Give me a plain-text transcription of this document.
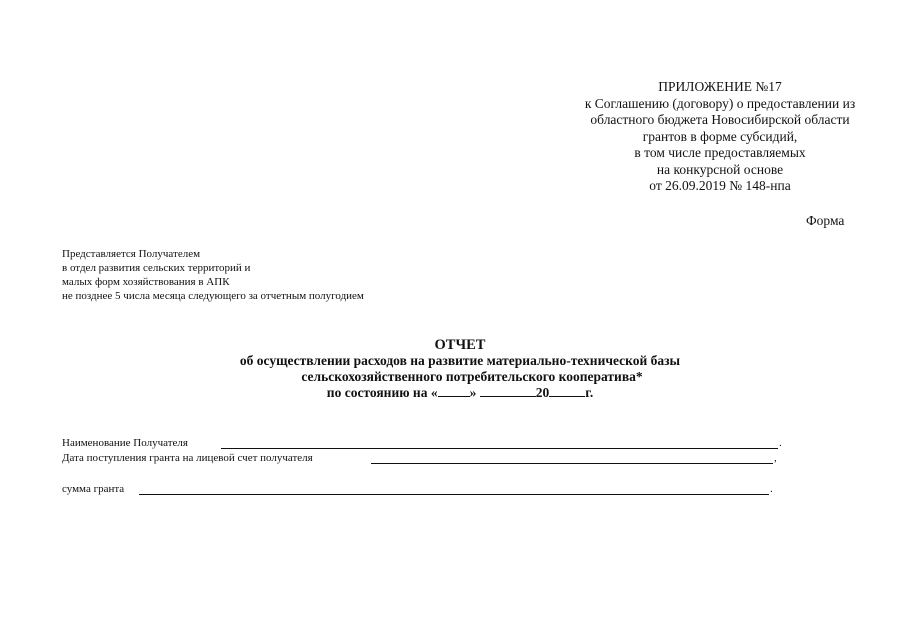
ПРИЛОЖЕНИЕ №17
к Соглашению (договору) о предоставлении из
областного бюджета Новосибирской области
грантов в форме субсидий,
в том числе предоставляемых
на конкурсной основе
от 26.09.2019 № 148-нпа
Форма
Представляется Получателем
в отдел развития сельских территорий и
малых форм хозяйствования в АПК
не позднее 5 числа месяца следующего за отчетным полугодием
ОТЧЕТ
об осуществлении расходов на развитие материально-технической базы
сельскохозяйственного потребительского кооператива*
по состоянию на « »	20	г.
Наименование Получателя	.
Дата поступления гранта на лицевой счет получателя	,
сумма гранта	.
